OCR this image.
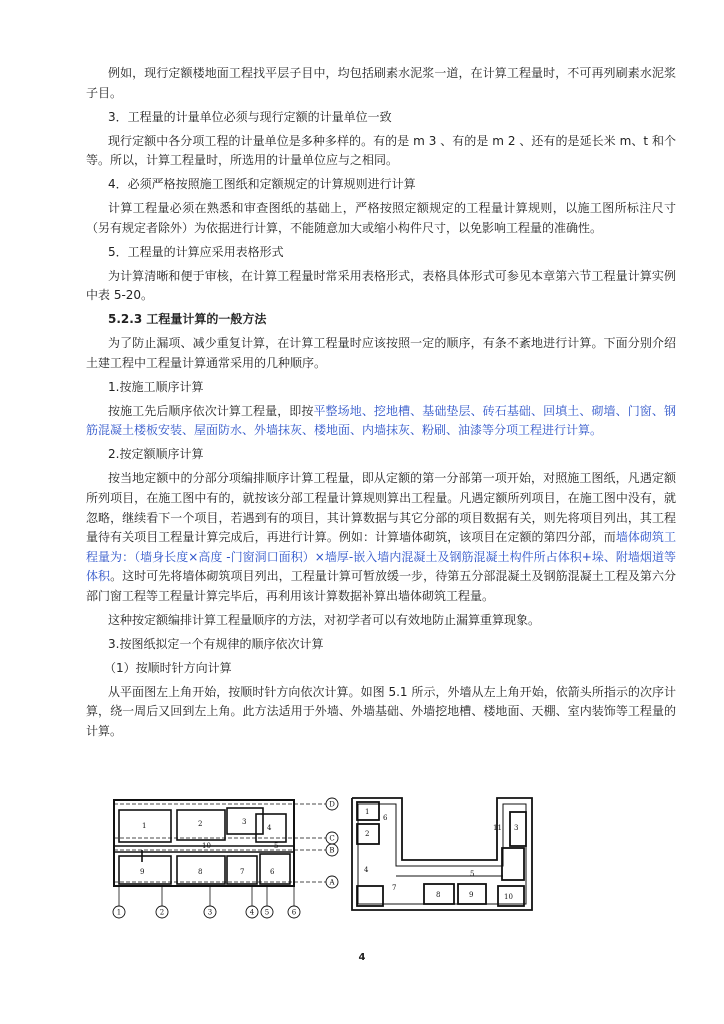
例如，现行定额楼地面工程找平层子目中，均包括刷素水泥浆一道，在计算工程量时，不可再列刷素水泥浆子目。

3．工程量的计量单位必须与现行定额的计量单位一致

现行定额中各分项工程的计量单位是多种多样的。有的是 m 3 、有的是 m 2 、还有的是延长米 m、t 和个等。所以，计算工程量时，所选用的计量单位应与之相同。

4．必须严格按照施工图纸和定额规定的计算规则进行计算

计算工程量必须在熟悉和审查图纸的基础上，严格按照定额规定的工程量计算规则，以施工图所标注尺寸（另有规定者除外）为依据进行计算，不能随意加大或缩小构件尺寸，以免影响工程量的准确性。

5．工程量的计算应采用表格形式

为计算清晰和便于审核，在计算工程量时常采用表格形式，表格具体形式可参见本章第六节工程量计算实例中表 5-20。

5.2.3 工程量计算的一般方法

为了防止漏项、减少重复计算，在计算工程量时应该按照一定的顺序，有条不紊地进行计算。下面分别介绍土建工程中工程量计算通常采用的几种顺序。

1.按施工顺序计算

按施工先后顺序依次计算工程量，即按平整场地、挖地槽、基础垫层、砖石基础、回填土、砌墙、门窗、钢筋混凝土楼板安装、屋面防水、外墙抹灰、楼地面、内墙抹灰、粉刷、油漆等分项工程进行计算。

2.按定额顺序计算

按当地定额中的分部分项编排顺序计算工程量，即从定额的第一分部第一项开始，对照施工图纸，凡遇定额所列项目，在施工图中有的，就按该分部工程量计算规则算出工程量。凡遇定额所列项目，在施工图中没有，就忽略，继续看下一个项目，若遇到有的项目，其计算数据与其它分部的项目数据有关，则先将项目列出，其工程量待有关项目工程量计算完成后，再进行计算。例如：计算墙体砌筑，该项目在定额的第四分部，而墙体砌筑工程量为：（墙身长度×高度 -门窗洞口面积）×墙厚-嵌入墙内混凝土及钢筋混凝土构件所占体积+垛、附墙烟道等体积。这时可先将墙体砌筑项目列出，工程量计算可暂放缓一步，待第五分部混凝土及钢筋混凝土工程及第六分部门窗工程等工程量计算完毕后，再利用该计算数据补算出墙体砌筑工程量。

这种按定额编排计算工程量顺序的方法，对初学者可以有效地防止漏算重算现象。

3.按图纸拟定一个有规律的顺序依次计算

（1）按顺时针方向计算

从平面图左上角开始，按顺时针方向依次计算。如图 5.1 所示，外墙从左上角开始，依箭头所指示的次序计算，绕一周后又回到左上角。此方法适用于外墙、外墙基础、外墙挖地槽、楼地面、天棚、室内装饰等工程量的计算。

1	2	3
4
5
10
9	8	7	6
D
C
B
A
1	2	3	4 5	6
1
2
6
4
7
8	9
5
10
11 3
4
